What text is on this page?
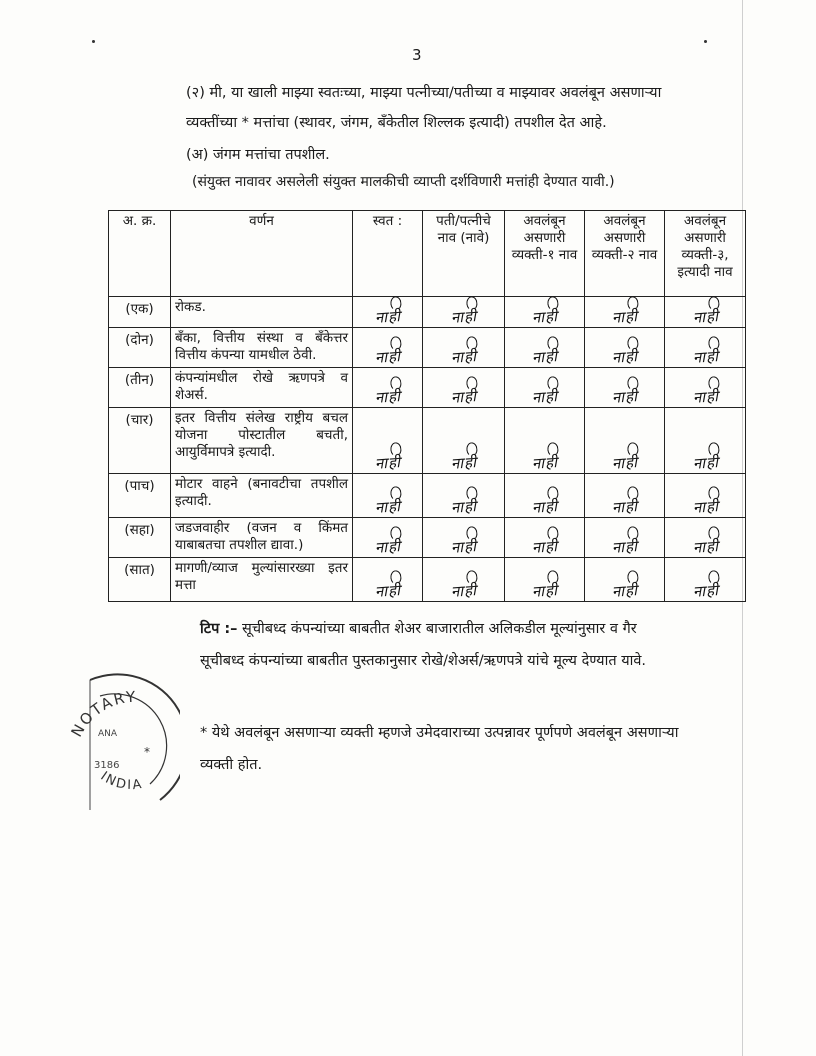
3
(२) मी, या खाली माझ्या स्वतःच्या, माझ्या पत्नीच्या/पतीच्या व माझ्यावर अवलंबून असणाऱ्या
व्यक्तींच्या * मत्तांचा (स्थावर, जंगम, बँकेतील शिल्लक इत्यादी) तपशील देत आहे.
(अ) जंगम मत्तांचा तपशील.
(संयुक्त नावावर असलेली संयुक्त मालकीची व्याप्ती दर्शविणारी मत्तांही देण्यात यावी.)
अ. क्र.	वर्णन	स्वत :	पती/पत्नीचे नाव (नावे)	अवलंबून असणारी व्यक्ती-१ नाव	अवलंबून असणारी व्यक्ती-२ नाव	अवलंबून असणारी व्यक्ती-३, इत्यादी नाव
(एक)	रोकड.	नाही	नाही	नाही	नाही	नाही
(दोन)	बँका, वित्तीय संस्था व बँकेत्तर वित्तीय कंपन्या यामधील ठेवी.	नाही	नाही	नाही	नाही	नाही
(तीन)	कंपन्यांमधील रोखे ऋणपत्रे व शेअर्स.	नाही	नाही	नाही	नाही	नाही
(चार)	इतर वित्तीय संलेख राष्ट्रीय बचल योजना पोस्टातील बचती, आयुर्विमापत्रे इत्यादी.	नाही	नाही	नाही	नाही	नाही
(पाच)	मोटार वाहने (बनावटीचा तपशील इत्यादी.	नाही	नाही	नाही	नाही	नाही
(सहा)	जडजवाहीर (वजन व किंमत याबाबतचा तपशील द्यावा.)	नाही	नाही	नाही	नाही	नाही
(सात)	मागणी/व्याज मुल्यांसारख्या इतर मत्ता	नाही	नाही	नाही	नाही	नाही
टिप :– सूचीबध्द कंपन्यांच्या बाबतीत शेअर बाजारातील अलिकडील मूल्यांनुसार व गैर
सूचीबध्द कंपन्यांच्या बाबतीत पुस्तकानुसार रोखे/शेअर्स/ऋणपत्रे यांचे मूल्य देण्यात यावे.
* येथे अवलंबून असणाऱ्या व्यक्ती म्हणजे उमेदवाराच्या उत्पन्नावर पूर्णपणे अवलंबून असणाऱ्या
व्यक्ती होत.
NOTARY
INDIA
ANA
3186
*
